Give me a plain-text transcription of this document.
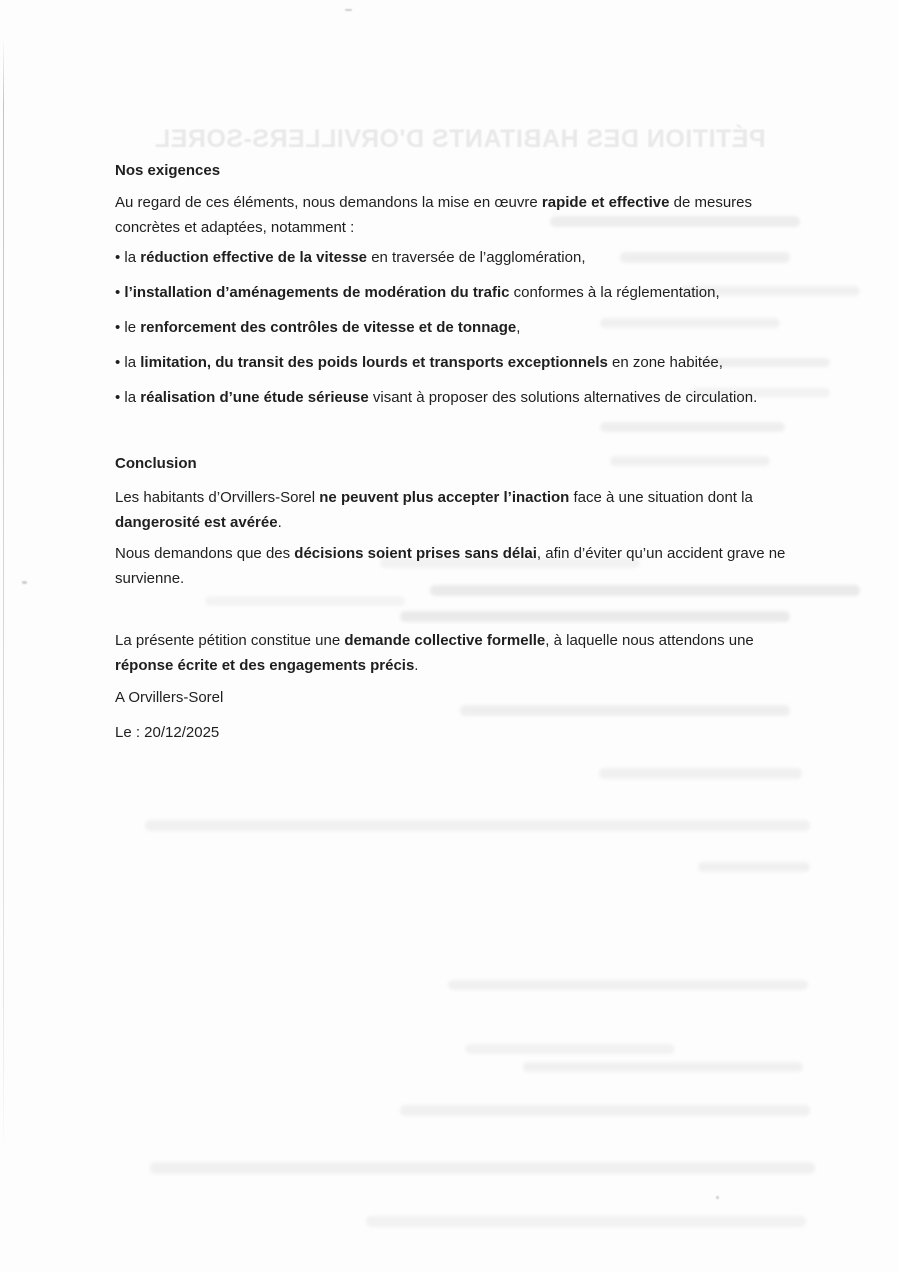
PÉTITION DES HABITANTS D'ORVILLERS-SOREL
Nos exigences
Au regard de ces éléments, nous demandons la mise en œuvre rapide et effective de mesures
concrètes et adaptées, notamment :
• la réduction effective de la vitesse en traversée de l’agglomération,
• l’installation d’aménagements de modération du trafic conformes à la réglementation,
• le renforcement des contrôles de vitesse et de tonnage,
• la limitation, du transit des poids lourds et transports exceptionnels en zone habitée,
• la réalisation d’une étude sérieuse visant à proposer des solutions alternatives de circulation.
Conclusion
Les habitants d’Orvillers-Sorel ne peuvent plus accepter l’inaction face à une situation dont la
dangerosité est avérée.
Nous demandons que des décisions soient prises sans délai, afin d’éviter qu’un accident grave ne
survienne.
La présente pétition constitue une demande collective formelle, à laquelle nous attendons une
réponse écrite et des engagements précis.
A Orvillers-Sorel
Le : 20/12/2025
